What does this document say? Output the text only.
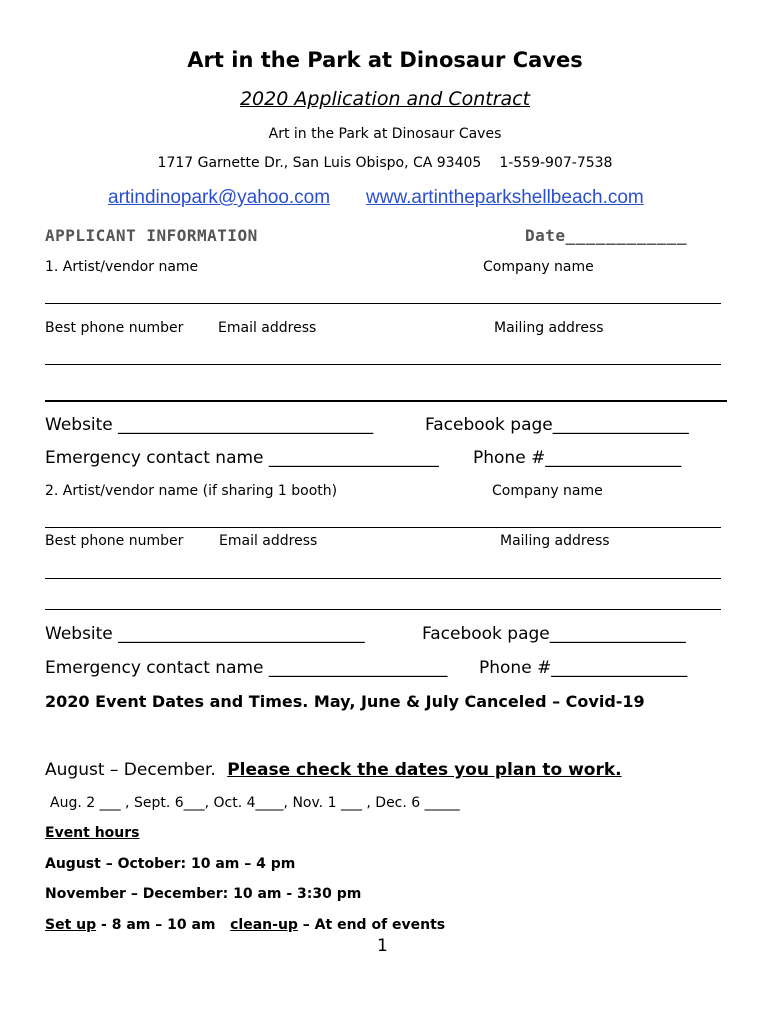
Art in the Park at Dinosaur Caves
2020 Application and Contract
Art in the Park at Dinosaur Caves
1717 Garnette Dr., San Luis Obispo, CA 93405 1-559-907-7538
artindinopark@yahoo.com www.artintheparkshellbeach.com
APPLICANT INFORMATION	Date____________
1. Artist/vendor name	Company name
Best phone number Email address	Mailing address
Website ______________________________	Facebook page________________
Emergency contact name ____________________ Phone #________________
2. Artist/vendor name (if sharing 1 booth)	Company name
Best phone number	Email address	Mailing address
Website _____________________________	Facebook page________________
Emergency contact name _____________________ Phone #________________
2020 Event Dates and Times. May, June & July Canceled – Covid-19
August – December. Please check the dates you plan to work.
Aug. 2 ___ , Sept. 6___, Oct. 4____, Nov. 1 ___ , Dec. 6 _____
Event hours
August – October: 10 am – 4 pm
November – December: 10 am - 3:30 pm
Set up - 8 am – 10 am   clean-up – At end of events
1
